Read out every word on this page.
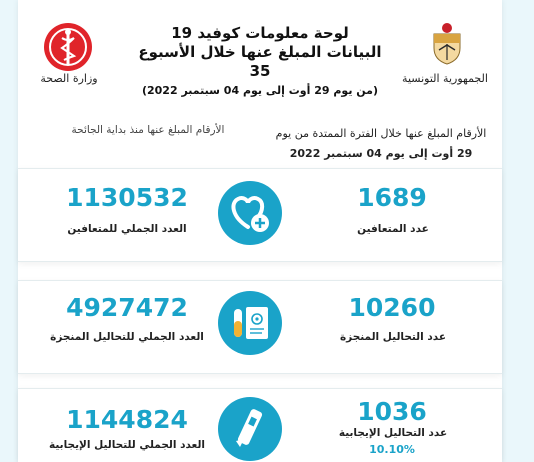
وزارة الصحة
لوحة معلومات كوفيد 19
البيانات المبلغ عنها خلال الأسبوع 35
(من يوم 29 أوت إلى يوم 04 سبتمبر 2022)
الجمهورية التونسية
الأرقام المبلغ عنها منذ بداية الجائحة	الأرقام المبلغ عنها خلال الفترة الممتدة من يوم
29 أوت إلى يوم 04 سبتمبر 2022
1130532
العدد الجملي للمتعافين
1689
عدد المتعافين
4927472
العدد الجملي للتحاليل المنجزة
10260
عدد التحاليل المنجزة
1144824
العدد الجملي للتحاليل الإيجابية
1036
عدد التحاليل الإيجابية
10.10%
